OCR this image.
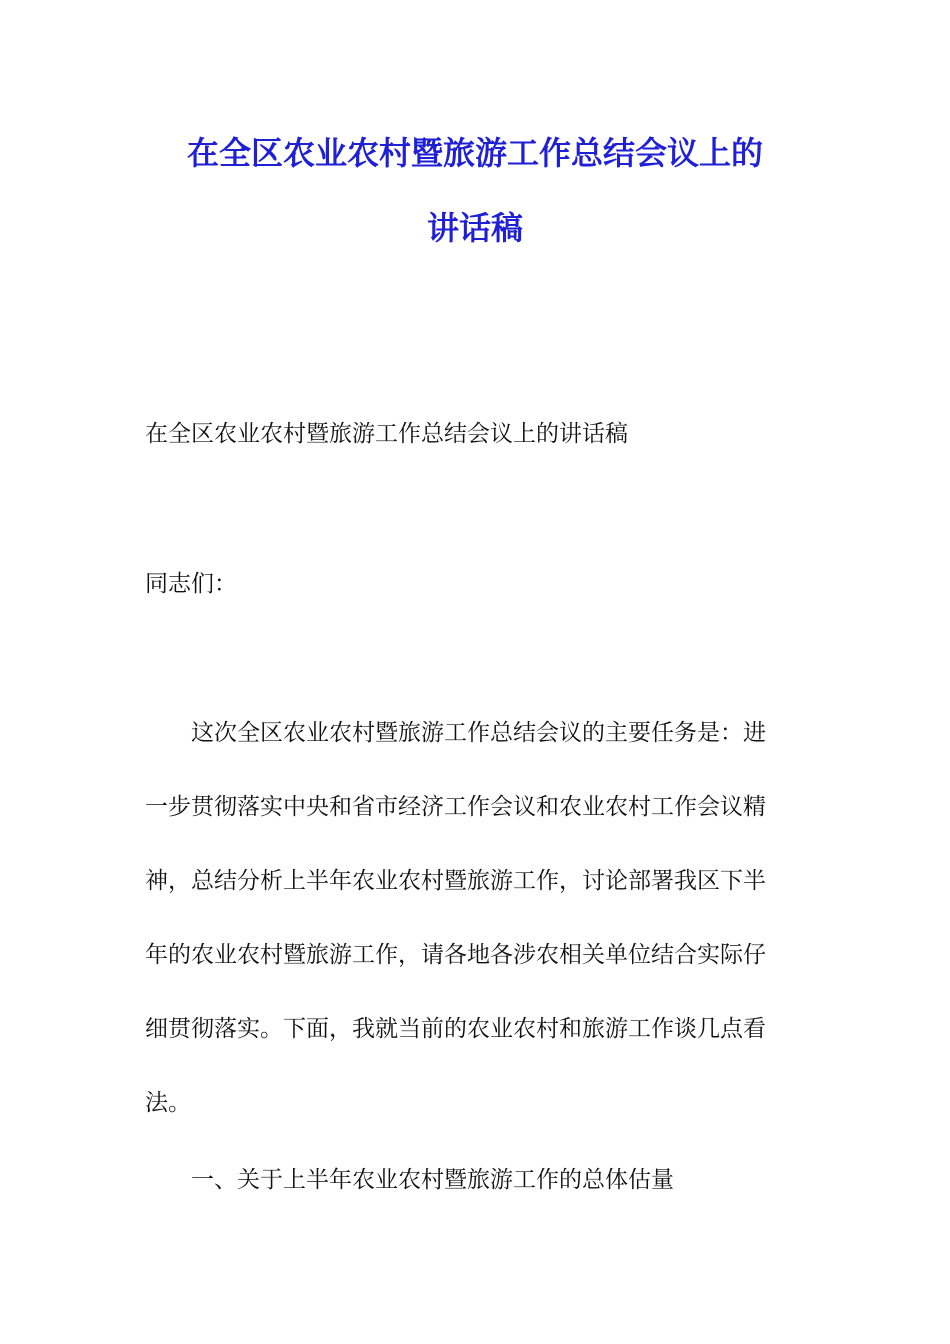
在全区农业农村暨旅游工作总结会议上的
讲话稿

在全区农业农村暨旅游工作总结会议上的讲话稿

同志们：

这次全区农业农村暨旅游工作总结会议的主要任务是：进
一步贯彻落实中央和省市经济工作会议和农业农村工作会议精
神，总结分析上半年农业农村暨旅游工作，讨论部署我区下半
年的农业农村暨旅游工作，请各地各涉农相关单位结合实际仔
细贯彻落实。下面，我就当前的农业农村和旅游工作谈几点看
法。

一、关于上半年农业农村暨旅游工作的总体估量
